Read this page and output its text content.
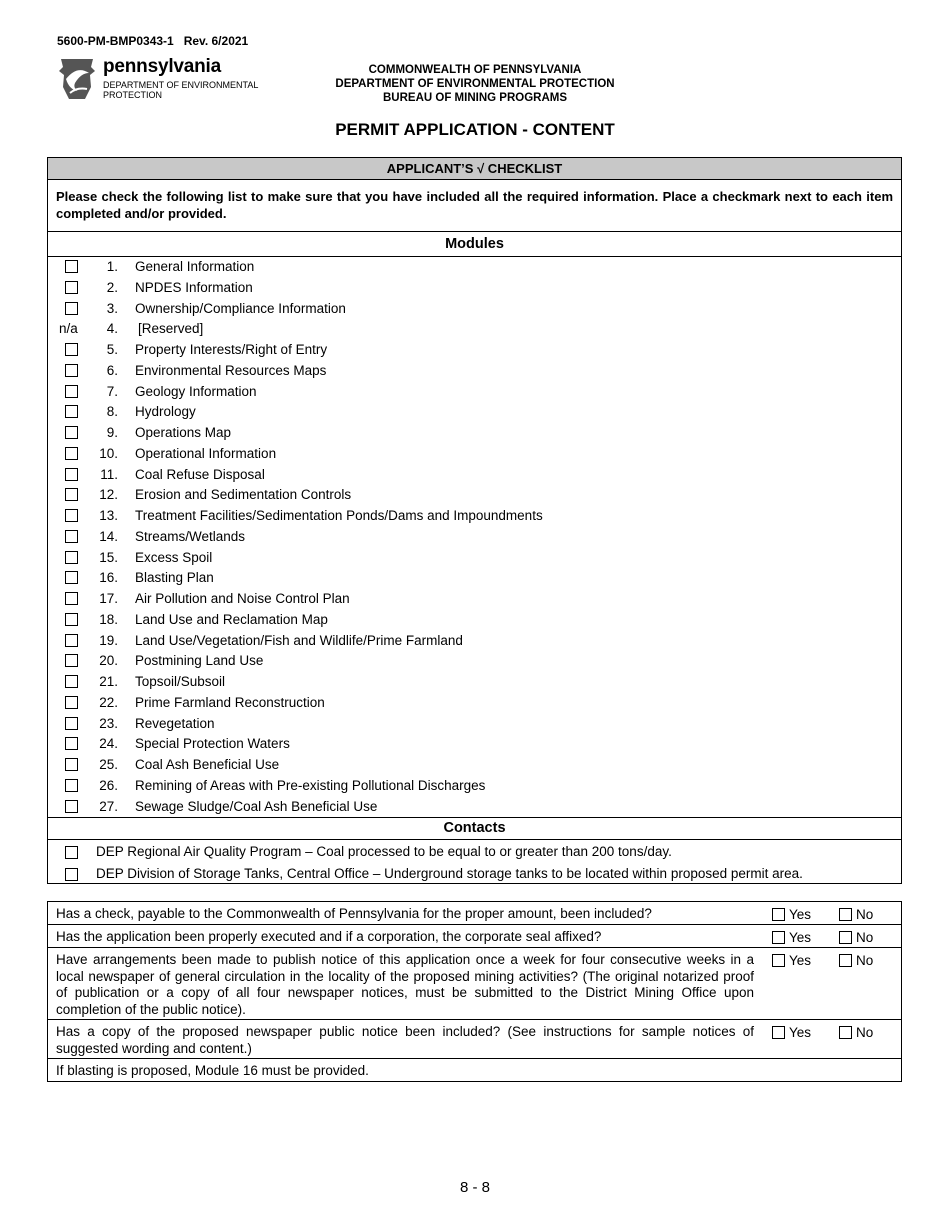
5600-PM-BMP0343-1 Rev. 6/2021
pennsylvania
DEPARTMENT OF ENVIRONMENTAL PROTECTION
COMMONWEALTH OF PENNSYLVANIA
DEPARTMENT OF ENVIRONMENTAL PROTECTION
BUREAU OF MINING PROGRAMS
PERMIT APPLICATION - CONTENT
APPLICANT’S √ CHECKLIST
Please check the following list to make sure that you have included all the required information. Place a checkmark next to each item completed and/or provided.
Modules
1. General Information
2. NPDES Information
3. Ownership/Compliance Information
n/a	4. [Reserved]
5. Property Interests/Right of Entry
6. Environmental Resources Maps
7. Geology Information
8. Hydrology
9. Operations Map
10. Operational Information
11. Coal Refuse Disposal
12. Erosion and Sedimentation Controls
13. Treatment Facilities/Sedimentation Ponds/Dams and Impoundments
14. Streams/Wetlands
15. Excess Spoil
16. Blasting Plan
17. Air Pollution and Noise Control Plan
18. Land Use and Reclamation Map
19. Land Use/Vegetation/Fish and Wildlife/Prime Farmland
20. Postmining Land Use
21. Topsoil/Subsoil
22. Prime Farmland Reconstruction
23. Revegetation
24. Special Protection Waters
25. Coal Ash Beneficial Use
26. Remining of Areas with Pre-existing Pollutional Discharges
27. Sewage Sludge/Coal Ash Beneficial Use
Contacts
DEP Regional Air Quality Program – Coal processed to be equal to or greater than 200 tons/day.
DEP Division of Storage Tanks, Central Office – Underground storage tanks to be located within proposed permit area.
Has a check, payable to the Commonwealth of Pennsylvania for the proper amount, been included?	Yes	No
Has the application been properly executed and if a corporation, the corporate seal affixed?	Yes	No
Have arrangements been made to publish notice of this application once a week for four consecutive weeks in a local newspaper of general circulation in the locality of the proposed mining activities? (The original notarized proof of publication or a copy of all four newspaper notices, must be submitted to the District Mining Office upon completion of the public notice).
Yes	No
Has a copy of the proposed newspaper public notice been included? (See instructions for sample notices of suggested wording and content.)
Yes	No
If blasting is proposed, Module 16 must be provided.
8 - 8
